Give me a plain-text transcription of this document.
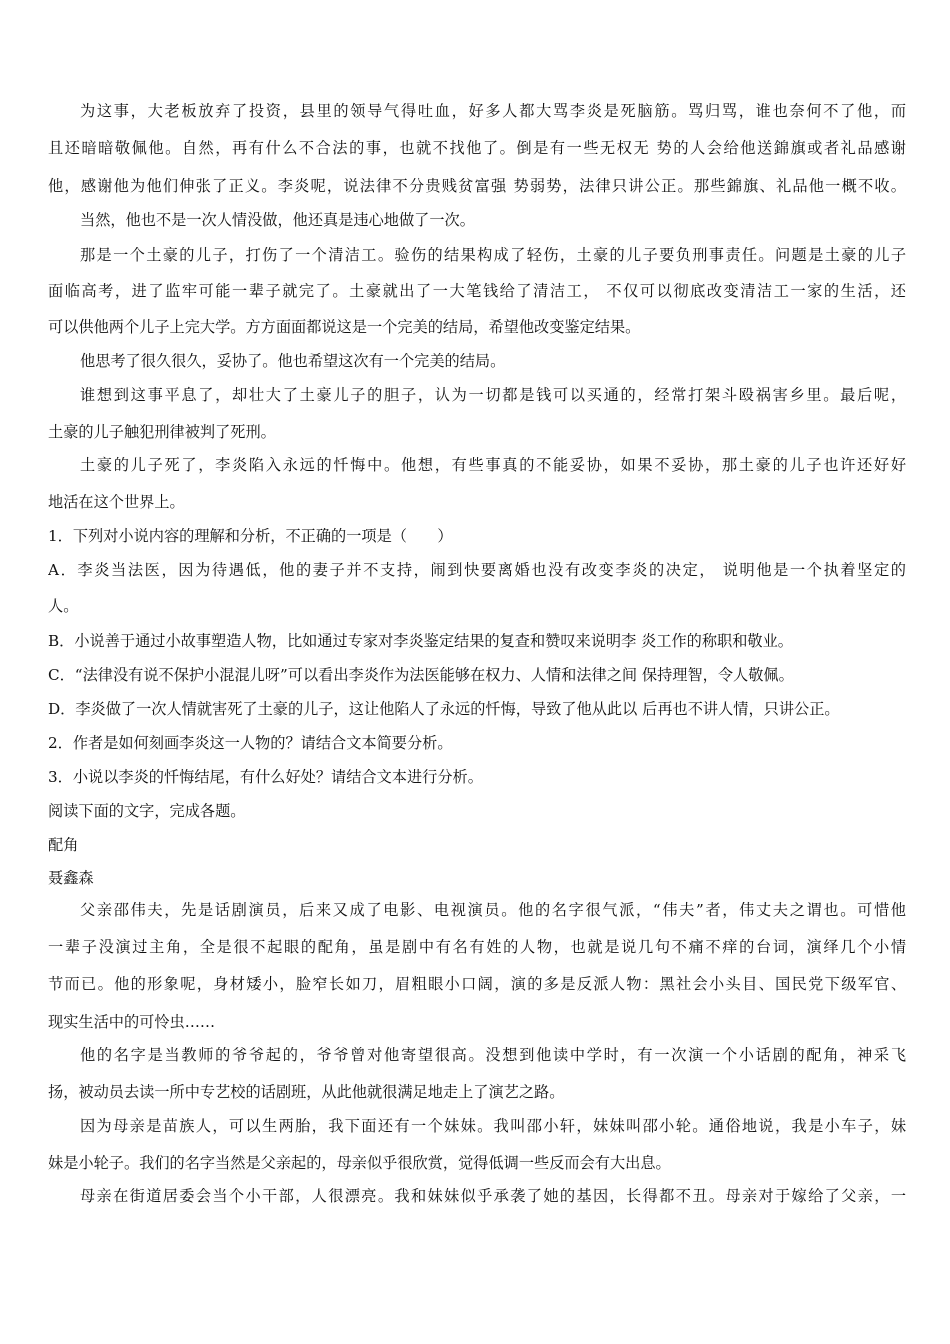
为这事，大老板放弃了投资，县里的领导气得吐血，好多人都大骂李炎是死脑筋。骂归骂，谁也奈何不了他，而
且还暗暗敬佩他。自然，再有什么不合法的事，也就不找他了。倒是有一些无权无 势的人会给他送錦旗或者礼品感谢
他，感谢他为他们伸张了正义。李炎呢，说法律不分贵贱贫富强 势弱势，法律只讲公正。那些錦旗、礼品他一概不收。
当然，他也不是一次人情没做，他还真是违心地做了一次。
那是一个土豪的儿子，打伤了一个清洁工。验伤的结果构成了轻伤，土豪的儿子要负刑事责任。问题是土豪的儿子
面临高考，进了监牢可能一辈子就完了。土豪就出了一大笔钱给了清洁工， 不仅可以彻底改变清洁工一家的生活，还
可以供他两个儿子上完大学。方方面面都说这是一个完美的结局，希望他改变鉴定结果。
他思考了很久很久，妥协了。他也希望这次有一个完美的结局。
谁想到这事平息了，却壮大了土豪儿子的胆子，认为一切都是钱可以买通的，经常打架斗殴祸害乡里。最后呢，
土豪的儿子触犯刑律被判了死刑。
土豪的儿子死了，李炎陷入永远的忏悔中。他想，有些事真的不能妥协，如果不妥协，那土豪的儿子也许还好好
地活在这个世界上。
1．下列对小说内容的理解和分析，不正确的一项是（　　）
A．李炎当法医，因为待遇低，他的妻子并不支持，闹到快要离婚也没有改变李炎的决定， 说明他是一个执着坚定的
人。
B．小说善于通过小故事塑造人物，比如通过专家对李炎鉴定结果的复查和赞叹来说明李 炎工作的称职和敬业。
C．“法律没有说不保护小混混儿呀”可以看出李炎作为法医能够在权力、人情和法律之间 保持理智，令人敬佩。
D．李炎做了一次人情就害死了土豪的儿子，这让他陷人了永远的忏悔，导致了他从此以 后再也不讲人情，只讲公正。
2．作者是如何刻画李炎这一人物的？请结合文本简要分析。
3．小说以李炎的忏悔结尾，有什么好处？请结合文本进行分析。
阅读下面的文字，完成各题。
配角
聂鑫森
父亲邵伟夫，先是话剧演员，后来又成了电影、电视演员。他的名字很气派，“伟夫”者，伟丈夫之谓也。可惜他
一辈子没演过主角，全是很不起眼的配角，虽是剧中有名有姓的人物，也就是说几句不痛不痒的台词，演绎几个小情
节而已。他的形象呢，身材矮小，脸窄长如刀，眉粗眼小口阔，演的多是反派人物：黑社会小头目、国民党下级军官、
现实生活中的可怜虫……
他的名字是当教师的爷爷起的，爷爷曾对他寄望很高。没想到他读中学时，有一次演一个小话剧的配角，神采飞
扬，被动员去读一所中专艺校的话剧班，从此他就很满足地走上了演艺之路。
因为母亲是苗族人，可以生两胎，我下面还有一个妹妹。我叫邵小轩，妹妹叫邵小轮。通俗地说，我是小车子，妹
妹是小轮子。我们的名字当然是父亲起的，母亲似乎很欣赏，觉得低调一些反而会有大出息。
母亲在街道居委会当个小干部，人很漂亮。我和妹妹似乎承袭了她的基因，长得都不丑。母亲对于嫁给了父亲，一
